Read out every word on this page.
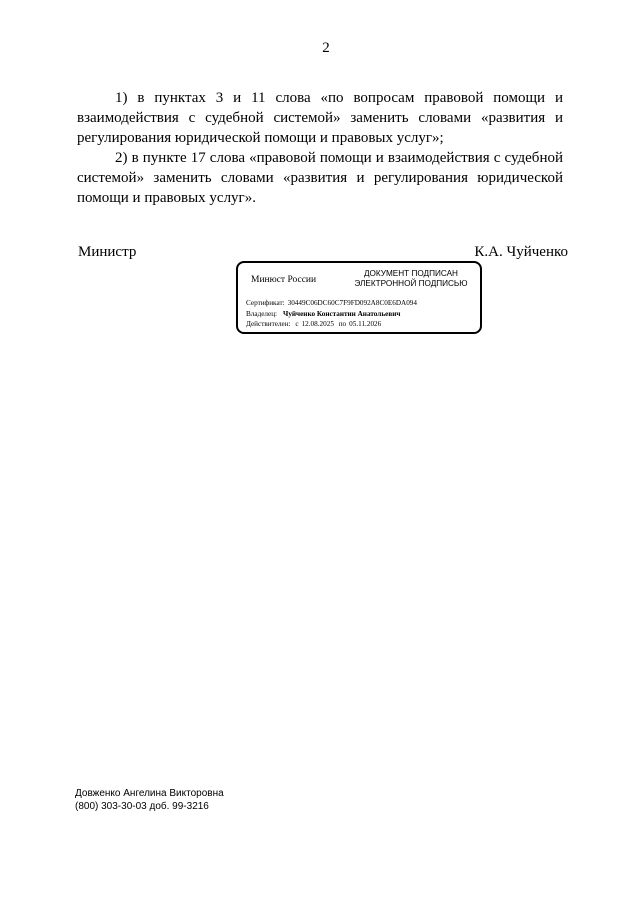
2

1) в пунктах 3 и 11 слова «по вопросам правовой помощи и взаимодействия с судебной системой» заменить словами «развития и регулирования юридической помощи и правовых услуг»;

2) в пункте 17 слова «правовой помощи и взаимодействия с судебной системой» заменить словами «развития и регулирования юридической помощи и правовых услуг».

Министр	К.А. Чуйченко
Минюст России
ДОКУМЕНТ ПОДПИСАН
ЭЛЕКТРОННОЙ ПОДПИСЬЮ
Сертификат: 30449C06DC60C7F9FD092A8C0E6DA094
Владелец: Чуйченко Константин Анатольевич
Действителен: с 12.08.2025 по 05.11.2026
Довженко Ангелина Викторовна
(800) 303-30-03 доб. 99-3216
